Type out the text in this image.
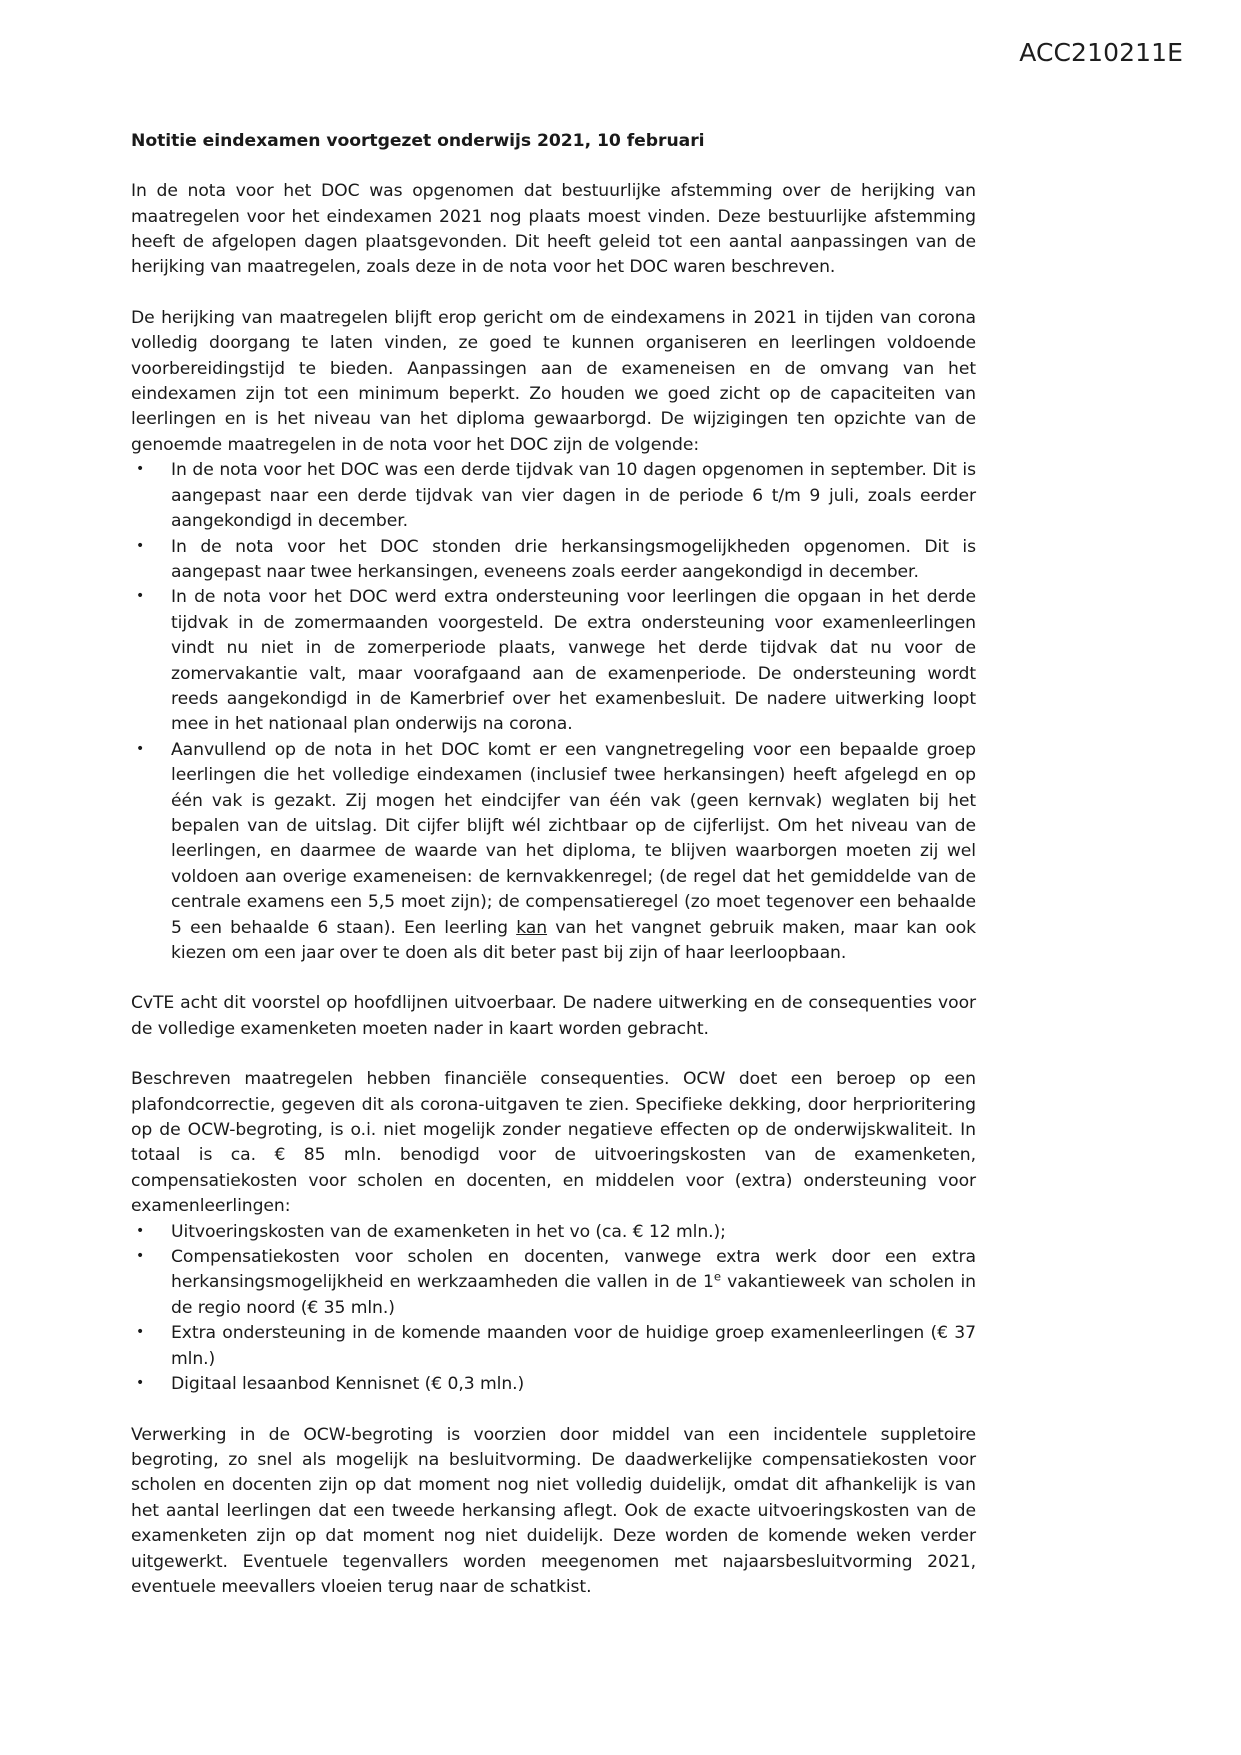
ACC210211E
Notitie eindexamen voortgezet onderwijs 2021, 10 februari

In de nota voor het DOC was opgenomen dat bestuurlijke afstemming over de herijking van maatregelen voor het eindexamen 2021 nog plaats moest vinden. Deze bestuurlijke afstemming heeft de afgelopen dagen plaatsgevonden. Dit heeft geleid tot een aantal aanpassingen van de herijking van maatregelen, zoals deze in de nota voor het DOC waren beschreven.

De herijking van maatregelen blijft erop gericht om de eindexamens in 2021 in tijden van corona volledig doorgang te laten vinden, ze goed te kunnen organiseren en leerlingen voldoende voorbereidingstijd te bieden. Aanpassingen aan de exameneisen en de omvang van het eindexamen zijn tot een minimum beperkt. Zo houden we goed zicht op de capaciteiten van leerlingen en is het niveau van het diploma gewaarborgd. De wijzigingen ten opzichte van de genoemde maatregelen in de nota voor het DOC zijn de volgende:

• In de nota voor het DOC was een derde tijdvak van 10 dagen opgenomen in september. Dit is aangepast naar een derde tijdvak van vier dagen in de periode 6 t/m 9 juli, zoals eerder aangekondigd in december.
• In de nota voor het DOC stonden drie herkansingsmogelijkheden opgenomen. Dit is aangepast naar twee herkansingen, eveneens zoals eerder aangekondigd in december.
• In de nota voor het DOC werd extra ondersteuning voor leerlingen die opgaan in het derde tijdvak in de zomermaanden voorgesteld. De extra ondersteuning voor examenleerlingen vindt nu niet in de zomerperiode plaats, vanwege het derde tijdvak dat nu voor de zomervakantie valt, maar voorafgaand aan de examenperiode. De ondersteuning wordt reeds aangekondigd in de Kamerbrief over het examenbesluit. De nadere uitwerking loopt mee in het nationaal plan onderwijs na corona.
• Aanvullend op de nota in het DOC komt er een vangnetregeling voor een bepaalde groep leerlingen die het volledige eindexamen (inclusief twee herkansingen) heeft afgelegd en op één vak is gezakt. Zij mogen het eindcijfer van één vak (geen kernvak) weglaten bij het bepalen van de uitslag. Dit cijfer blijft wél zichtbaar op de cijferlijst. Om het niveau van de leerlingen, en daarmee de waarde van het diploma, te blijven waarborgen moeten zij wel voldoen aan overige exameneisen: de kernvakkenregel; (de regel dat het gemiddelde van de centrale examens een 5,5 moet zijn); de compensatieregel (zo moet tegenover een behaalde 5 een behaalde 6 staan). Een leerling kan van het vangnet gebruik maken, maar kan ook kiezen om een jaar over te doen als dit beter past bij zijn of haar leerloopbaan.

CvTE acht dit voorstel op hoofdlijnen uitvoerbaar. De nadere uitwerking en de consequenties voor de volledige examenketen moeten nader in kaart worden gebracht.

Beschreven maatregelen hebben financiële consequenties. OCW doet een beroep op een plafondcorrectie, gegeven dit als corona-uitgaven te zien. Specifieke dekking, door herprioritering op de OCW-begroting, is o.i. niet mogelijk zonder negatieve effecten op de onderwijskwaliteit. In totaal is ca. € 85 mln. benodigd voor de uitvoeringskosten van de examenketen, compensatiekosten voor scholen en docenten, en middelen voor (extra) ondersteuning voor examenleerlingen:

• Uitvoeringskosten van de examenketen in het vo (ca. € 12 mln.);
• Compensatiekosten voor scholen en docenten, vanwege extra werk door een extra herkansingsmogelijkheid en werkzaamheden die vallen in de 1e vakantieweek van scholen in de regio noord (€ 35 mln.)
• Extra ondersteuning in de komende maanden voor de huidige groep examenleerlingen (€ 37 mln.)
• Digitaal lesaanbod Kennisnet (€ 0,3 mln.)

Verwerking in de OCW-begroting is voorzien door middel van een incidentele suppletoire begroting, zo snel als mogelijk na besluitvorming. De daadwerkelijke compensatiekosten voor scholen en docenten zijn op dat moment nog niet volledig duidelijk, omdat dit afhankelijk is van het aantal leerlingen dat een tweede herkansing aflegt. Ook de exacte uitvoeringskosten van de examenketen zijn op dat moment nog niet duidelijk. Deze worden de komende weken verder uitgewerkt. Eventuele tegenvallers worden meegenomen met najaarsbesluitvorming 2021, eventuele meevallers vloeien terug naar de schatkist.
